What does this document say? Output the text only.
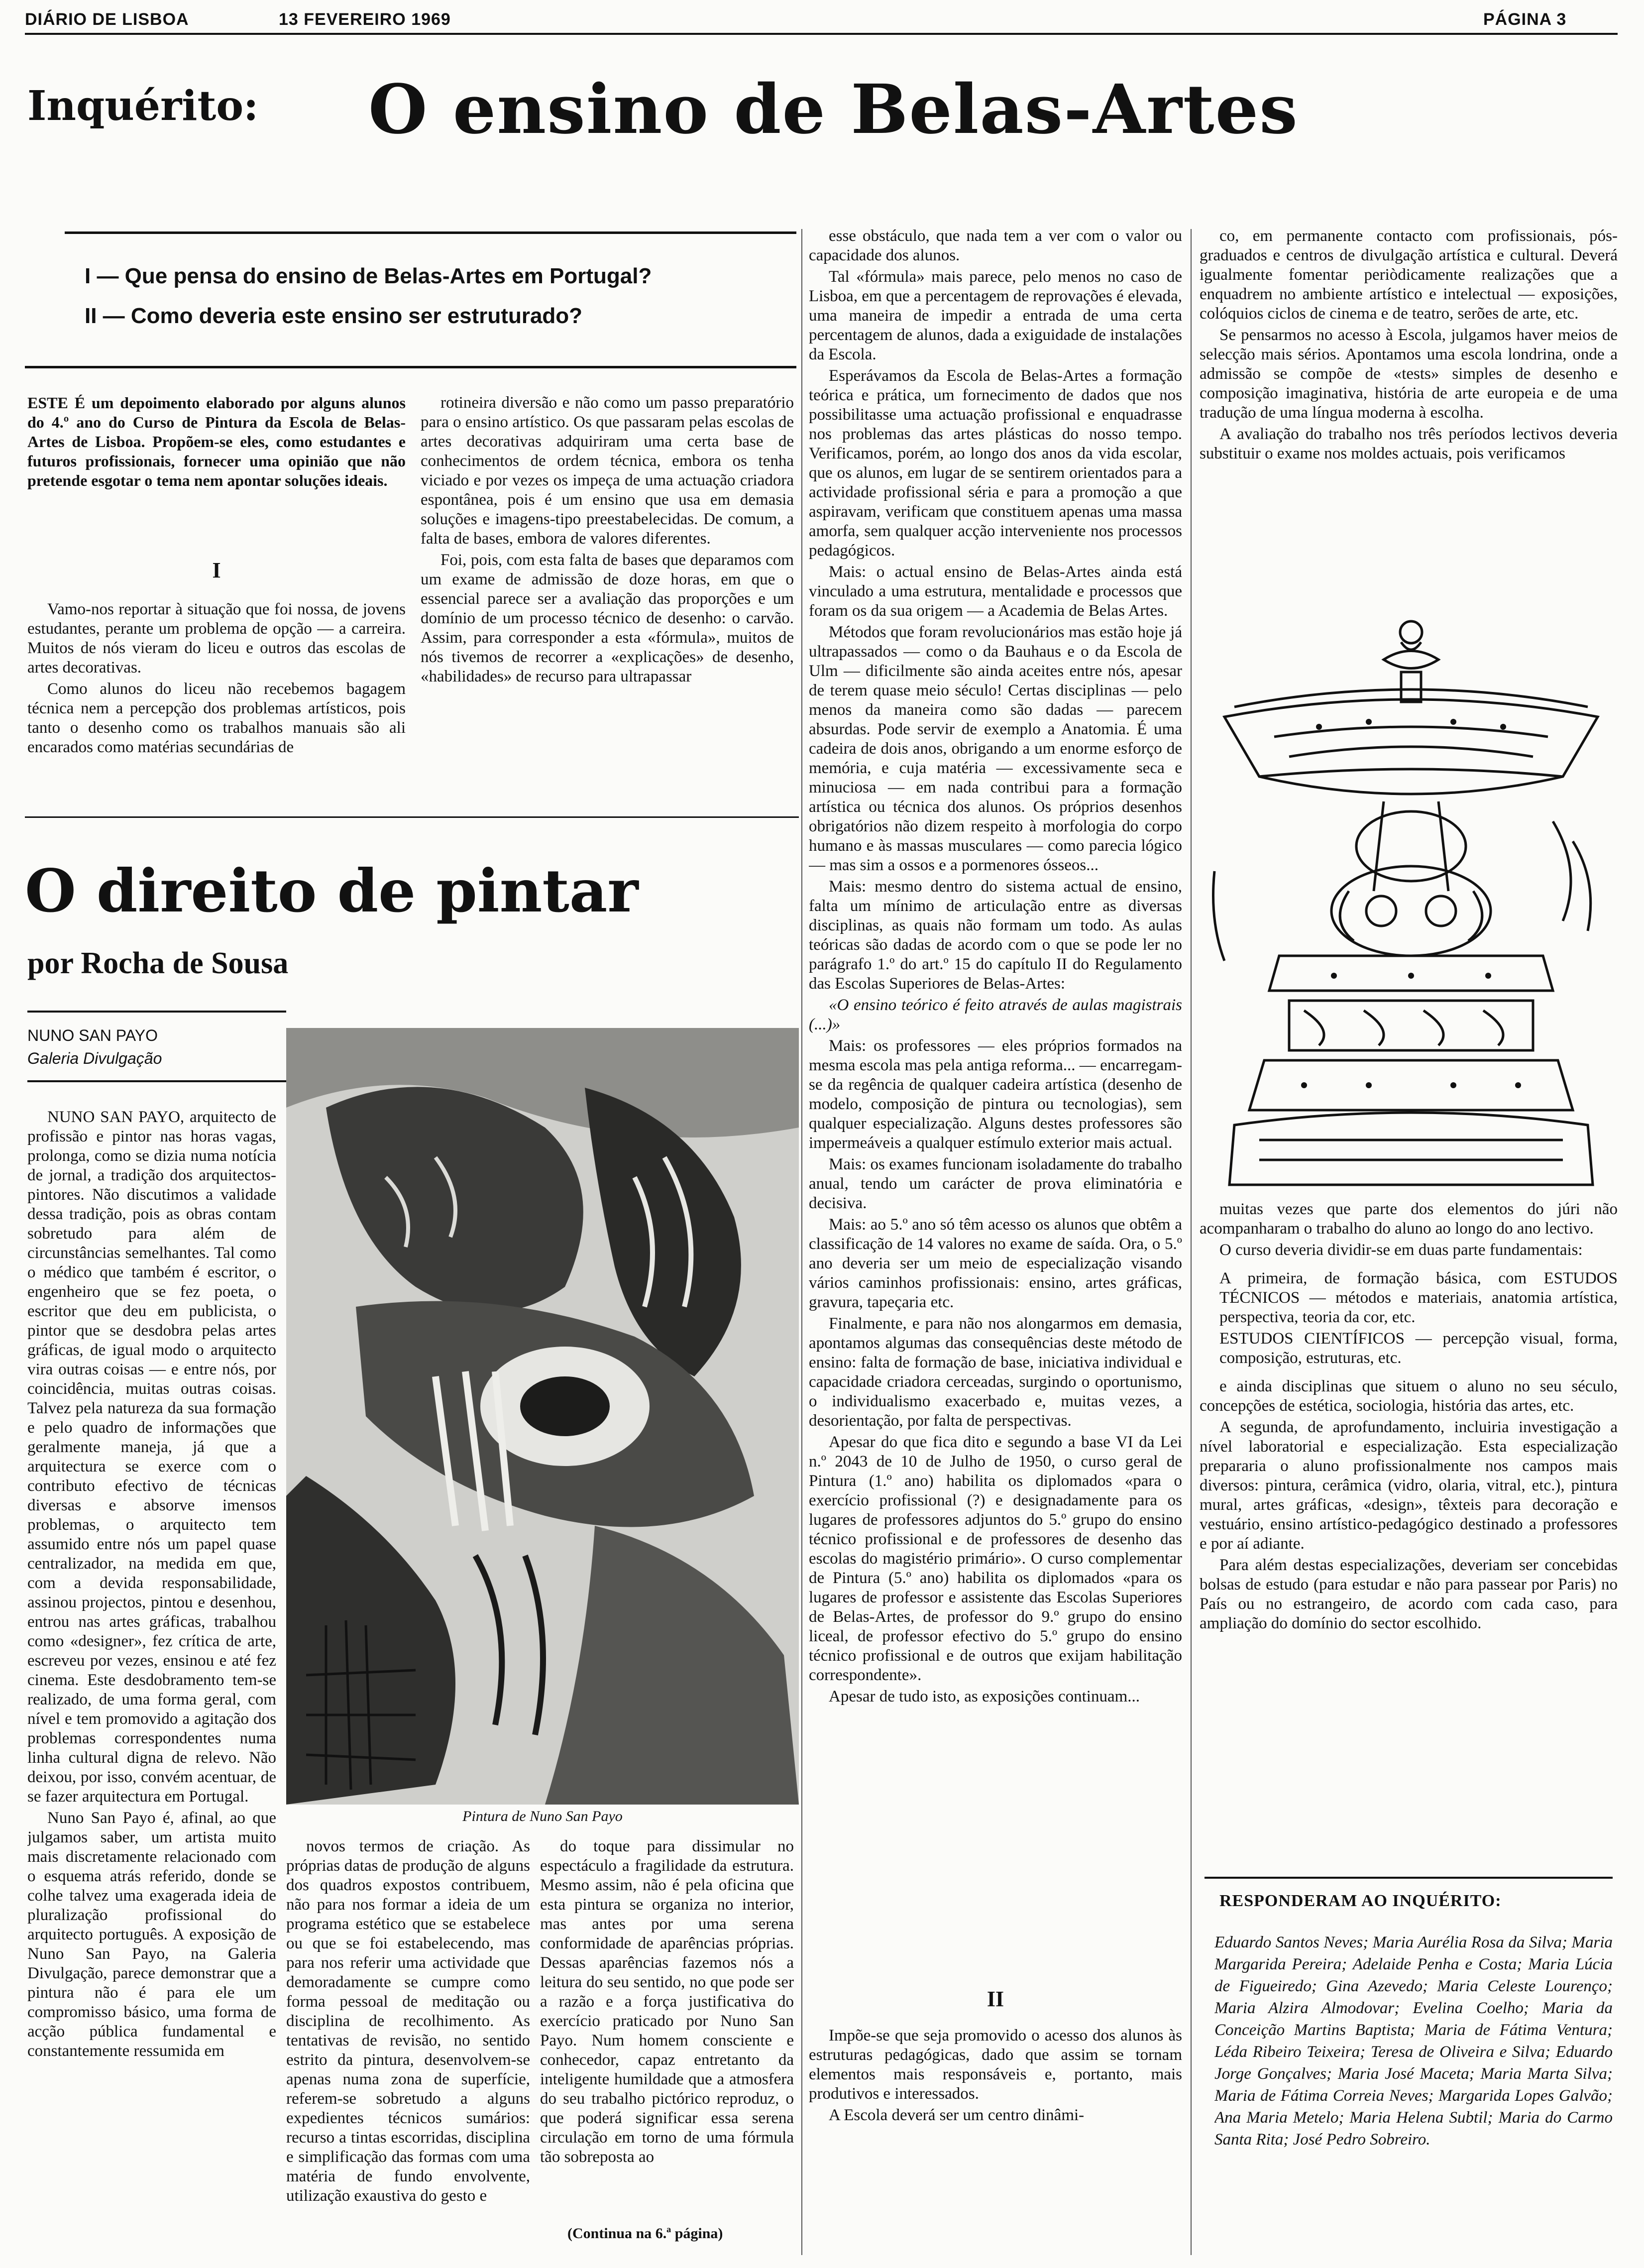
DIÁRIO DE LISBOA	13 FEVEREIRO 1969	PÁGINA 3
Inquérito: O ensino de Belas-Artes
I — Que pensa do ensino de Belas-Artes em Portugal?
II — Como deveria este ensino ser estruturado?
ESTE É um depoimento elaborado por alguns alunos do 4.º ano do Curso de Pintura da Escola de Belas-Artes de Lisboa. Propõem-se eles, como estudantes e futuros profissionais, fornecer uma opinião que não pretende esgotar o tema nem apontar soluções ideais.
I

Vamo-nos reportar à situação que foi nossa, de jovens estudantes, perante um problema de opção — a carreira. Muitos de nós vieram do liceu e outros das escolas de artes decorativas.

Como alunos do liceu não recebemos bagagem técnica nem a percepção dos problemas artísticos, pois tanto o desenho como os trabalhos manuais são ali encarados como matérias secundárias de

rotineira diversão e não como um passo preparatório para o ensino artístico. Os que passaram pelas escolas de artes decorativas adquiriram uma certa base de conhecimentos de ordem técnica, embora os tenha viciado e por vezes os impeça de uma actuação criadora espontânea, pois é um ensino que usa em demasia soluções e imagens-tipo preestabelecidas. De comum, a falta de bases, embora de valores diferentes.

Foi, pois, com esta falta de bases que deparamos com um exame de admissão de doze horas, em que o essencial parece ser a avaliação das proporções e um domínio de um processo técnico de desenho: o carvão. Assim, para corresponder a esta «fórmula», muitos de nós tivemos de recorrer a «explicações» de desenho, «habilidades» de recurso para ultrapassar

esse obstáculo, que nada tem a ver com o valor ou capacidade dos alunos.

Tal «fórmula» mais parece, pelo menos no caso de Lisboa, em que a percentagem de reprovações é elevada, uma maneira de impedir a entrada de uma certa percentagem de alunos, dada a exiguidade de instalações da Escola.

Esperávamos da Escola de Belas-Artes a formação teórica e prática, um fornecimento de dados que nos possibilitasse uma actuação profissional e enquadrasse nos problemas das artes plásticas do nosso tempo. Verificamos, porém, ao longo dos anos da vida escolar, que os alunos, em lugar de se sentirem orientados para a actividade profissional séria e para a promoção a que aspiravam, verificam que constituem apenas uma massa amorfa, sem qualquer acção interveniente nos processos pedagógicos.

Mais: o actual ensino de Belas-Artes ainda está vinculado a uma estrutura, mentalidade e processos que foram os da sua origem — a Academia de Belas Artes.

Métodos que foram revolucionários mas estão hoje já ultrapassados — como o da Bauhaus e o da Escola de Ulm — dificilmente são ainda aceites entre nós, apesar de terem quase meio século! Certas disciplinas — pelo menos da maneira como são dadas — parecem absurdas. Pode servir de exemplo a Anatomia. É uma cadeira de dois anos, obrigando a um enorme esforço de memória, e cuja matéria — excessivamente seca e minuciosa — em nada contribui para a formação artística ou técnica dos alunos. Os próprios desenhos obrigatórios não dizem respeito à morfologia do corpo humano e às massas musculares — como parecia lógico — mas sim a ossos e a pormenores ósseos...

Mais: mesmo dentro do sistema actual de ensino, falta um mínimo de articulação entre as diversas disciplinas, as quais não formam um todo. As aulas teóricas são dadas de acordo com o que se pode ler no parágrafo 1.º do art.º 15 do capítulo II do Regulamento das Escolas Superiores de Belas-Artes:

«O ensino teórico é feito através de aulas magistrais (...)»

Mais: os professores — eles próprios formados na mesma escola mas pela antiga reforma... — encarregam-se da regência de qualquer cadeira artística (desenho de modelo, composição de pintura ou tecnologias), sem qualquer especialização. Alguns destes professores são impermeáveis a qualquer estímulo exterior mais actual.

Mais: os exames funcionam isoladamente do trabalho anual, tendo um carácter de prova eliminatória e decisiva.

Mais: ao 5.º ano só têm acesso os alunos que obtêm a classificação de 14 valores no exame de saída. Ora, o 5.º ano deveria ser um meio de especialização visando vários caminhos profissionais: ensino, artes gráficas, gravura, tapeçaria etc.

Finalmente, e para não nos alongarmos em demasia, apontamos algumas das consequências deste método de ensino: falta de formação de base, iniciativa individual e capacidade criadora cerceadas, surgindo o oportunismo, o individualismo exacerbado e, muitas vezes, a desorientação, por falta de perspectivas.

Apesar do que fica dito e segundo a base VI da Lei n.º 2043 de 10 de Julho de 1950, o curso geral de Pintura (1.º ano) habilita os diplomados «para o exercício profissional (?) e designadamente para os lugares de professores adjuntos do 5.º grupo do ensino técnico profissional e de professores de desenho das escolas do magistério primário». O curso complementar de Pintura (5.º ano) habilita os diplomados «para os lugares de professor e assistente das Escolas Superiores de Belas-Artes, de professor do 9.º grupo do ensino liceal, de professor efectivo do 5.º grupo do ensino técnico profissional e de outros que exijam habilitação correspondente».

Apesar de tudo isto, as exposições continuam...

II

Impõe-se que seja promovido o acesso dos alunos às estruturas pedagógicas, dado que assim se tornam elementos mais responsáveis e, portanto, mais produtivos e interessados.

A Escola deverá ser um centro dinâmi-

co, em permanente contacto com profissionais, pós-graduados e centros de divulgação artística e cultural. Deverá igualmente fomentar periòdicamente realizações que a enquadrem no ambiente artístico e intelectual — exposições, colóquios ciclos de cinema e de teatro, serões de arte, etc.

Se pensarmos no acesso à Escola, julgamos haver meios de selecção mais sérios. Apontamos uma escola londrina, onde a admissão se compõe de «tests» simples de desenho e composição imaginativa, história de arte europeia e de uma tradução de uma língua moderna à escolha.

A avaliação do trabalho nos três períodos lectivos deveria substituir o exame nos moldes actuais, pois verificamos

muitas vezes que parte dos elementos do júri não acompanharam o trabalho do aluno ao longo do ano lectivo.

O curso deveria dividir-se em duas parte fundamentais:

A primeira, de formação básica, com ESTUDOS TÉCNICOS — métodos e materiais, anatomia artística, perspectiva, teoria da cor, etc.

ESTUDOS CIENTÍFICOS — percepção visual, forma, composição, estruturas, etc.

e ainda disciplinas que situem o aluno no seu século, concepções de estética, sociologia, história das artes, etc.

A segunda, de aprofundamento, incluiria investigação a nível laboratorial e especialização. Esta especialização prepararia o aluno profissionalmente nos campos mais diversos: pintura, cerâmica (vidro, olaria, vitral, etc.), pintura mural, artes gráficas, «design», têxteis para decoração e vestuário, ensino artístico-pedagógico destinado a professores e por aí adiante.

Para além destas especializações, deveriam ser concebidas bolsas de estudo (para estudar e não para passear por Paris) no País ou no estrangeiro, de acordo com cada caso, para ampliação do domínio do sector escolhido.

RESPONDERAM AO INQUÉRITO:
Eduardo Santos Neves; Maria Aurélia Rosa da Silva; Maria Margarida Pereira; Adelaide Penha e Costa; Maria Lúcia de Figueiredo; Gina Azevedo; Maria Celeste Lourenço; Maria Alzira Almodovar; Evelina Coelho; Maria da Conceição Martins Baptista; Maria de Fátima Ventura; Léda Ribeiro Teixeira; Teresa de Oliveira e Silva; Eduardo Jorge Gonçalves; Maria José Maceta; Maria Marta Silva; Maria de Fátima Correia Neves; Margarida Lopes Galvão; Ana Maria Metelo; Maria Helena Subtil; Maria do Carmo Santa Rita; José Pedro Sobreiro.
O direito de pintar
por Rocha de Sousa
NUNO SAN PAYO
Galeria Divulgação
Pintura de Nuno San Payo

NUNO SAN PAYO, arquitecto de profissão e pintor nas horas vagas, prolonga, como se dizia numa notícia de jornal, a tradição dos arquitectos-pintores. Não discutimos a validade dessa tradição, pois as obras contam sobretudo para além de circunstâncias semelhantes. Tal como o médico que também é escritor, o engenheiro que se fez poeta, o escritor que deu em publicista, o pintor que se desdobra pelas artes gráficas, de igual modo o arquitecto vira outras coisas — e entre nós, por coincidência, muitas outras coisas. Talvez pela natureza da sua formação e pelo quadro de informações que geralmente maneja, já que a arquitectura se exerce com o contributo efectivo de técnicas diversas e absorve imensos problemas, o arquitecto tem assumido entre nós um papel quase centralizador, na medida em que, com a devida responsabilidade, assinou projectos, pintou e desenhou, entrou nas artes gráficas, trabalhou como «designer», fez crítica de arte, escreveu por vezes, ensinou e até fez cinema. Este desdobramento tem-se realizado, de uma forma geral, com nível e tem promovido a agitação dos problemas correspondentes numa linha cultural digna de relevo. Não deixou, por isso, convém acentuar, de se fazer arquitectura em Portugal.

Nuno San Payo é, afinal, ao que julgamos saber, um artista muito mais discretamente relacionado com o esquema atrás referido, donde se colhe talvez uma exagerada ideia de pluralização profissional do arquitecto português. A exposição de Nuno San Payo, na Galeria Divulgação, parece demonstrar que a pintura não é para ele um compromisso básico, uma forma de acção pública fundamental e constantemente ressumida em

novos termos de criação. As próprias datas de produção de alguns dos quadros expostos contribuem, não para nos formar a ideia de um programa estético que se estabelece ou que se foi estabelecendo, mas para nos referir uma actividade que demoradamente se cumpre como forma pessoal de meditação ou disciplina de recolhimento. As tentativas de revisão, no sentido estrito da pintura, desenvolvem-se apenas numa zona de superfície, referem-se sobretudo a alguns expedientes técnicos sumários: recurso a tintas escorridas, disciplina e simplificação das formas com uma matéria de fundo envolvente, utilização exaustiva do gesto e

do toque para dissimular no espectáculo a fragilidade da estrutura. Mesmo assim, não é pela oficina que esta pintura se organiza no interior, mas antes por uma serena conformidade de aparências próprias. Dessas aparências fazemos nós a leitura do seu sentido, no que pode ser a razão e a força justificativa do exercício praticado por Nuno San Payo. Num homem consciente e conhecedor, capaz entretanto da inteligente humildade que a atmosfera do seu trabalho pictórico reproduz, o que poderá significar essa serena circulação em torno de uma fórmula tão sobreposta ao

(Continua na 6.ª página)
